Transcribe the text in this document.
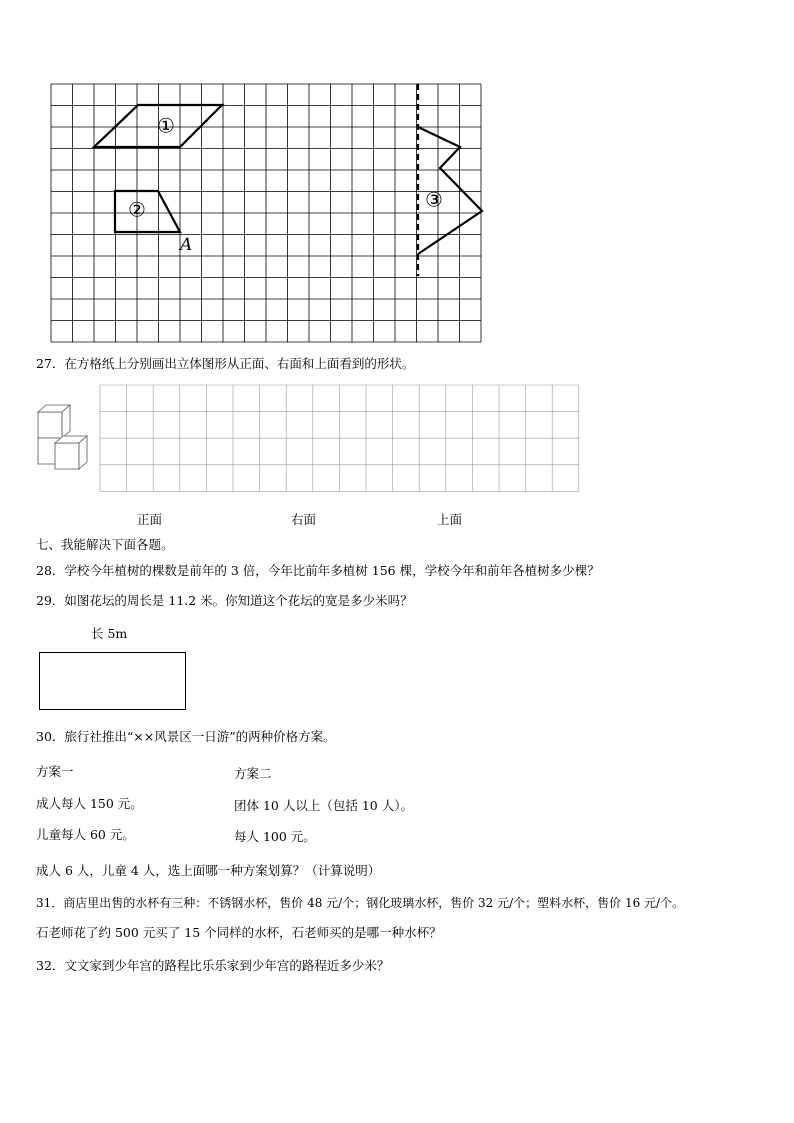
①
②
A
③
27．在方格纸上分别画出立体图形从正面、右面和上面看到的形状。
正面	右面	上面
七、我能解决下面各题。
28．学校今年植树的棵数是前年的 3 倍，今年比前年多植树 156 棵，学校今年和前年各植树多少棵？
29．如图花坛的周长是 11.2 米。你知道这个花坛的宽是多少米吗？
长 5m
30．旅行社推出“××风景区一日游”的两种价格方案。
方案一
成人每人 150 元。
儿童每人 60 元。
方案二
团体 10 人以上（包括 10 人）。
每人 100 元。
成人 6 人，儿童 4 人，选上面哪一种方案划算？（计算说明）
31．商店里出售的水杯有三种：不锈钢水杯，售价 48 元/个；钢化玻璃水杯，售价 32 元/个；塑料水杯，售价 16 元/个。
石老师花了约 500 元买了 15 个同样的水杯，石老师买的是哪一种水杯？
32．文文家到少年宫的路程比乐乐家到少年宫的路程近多少米？
